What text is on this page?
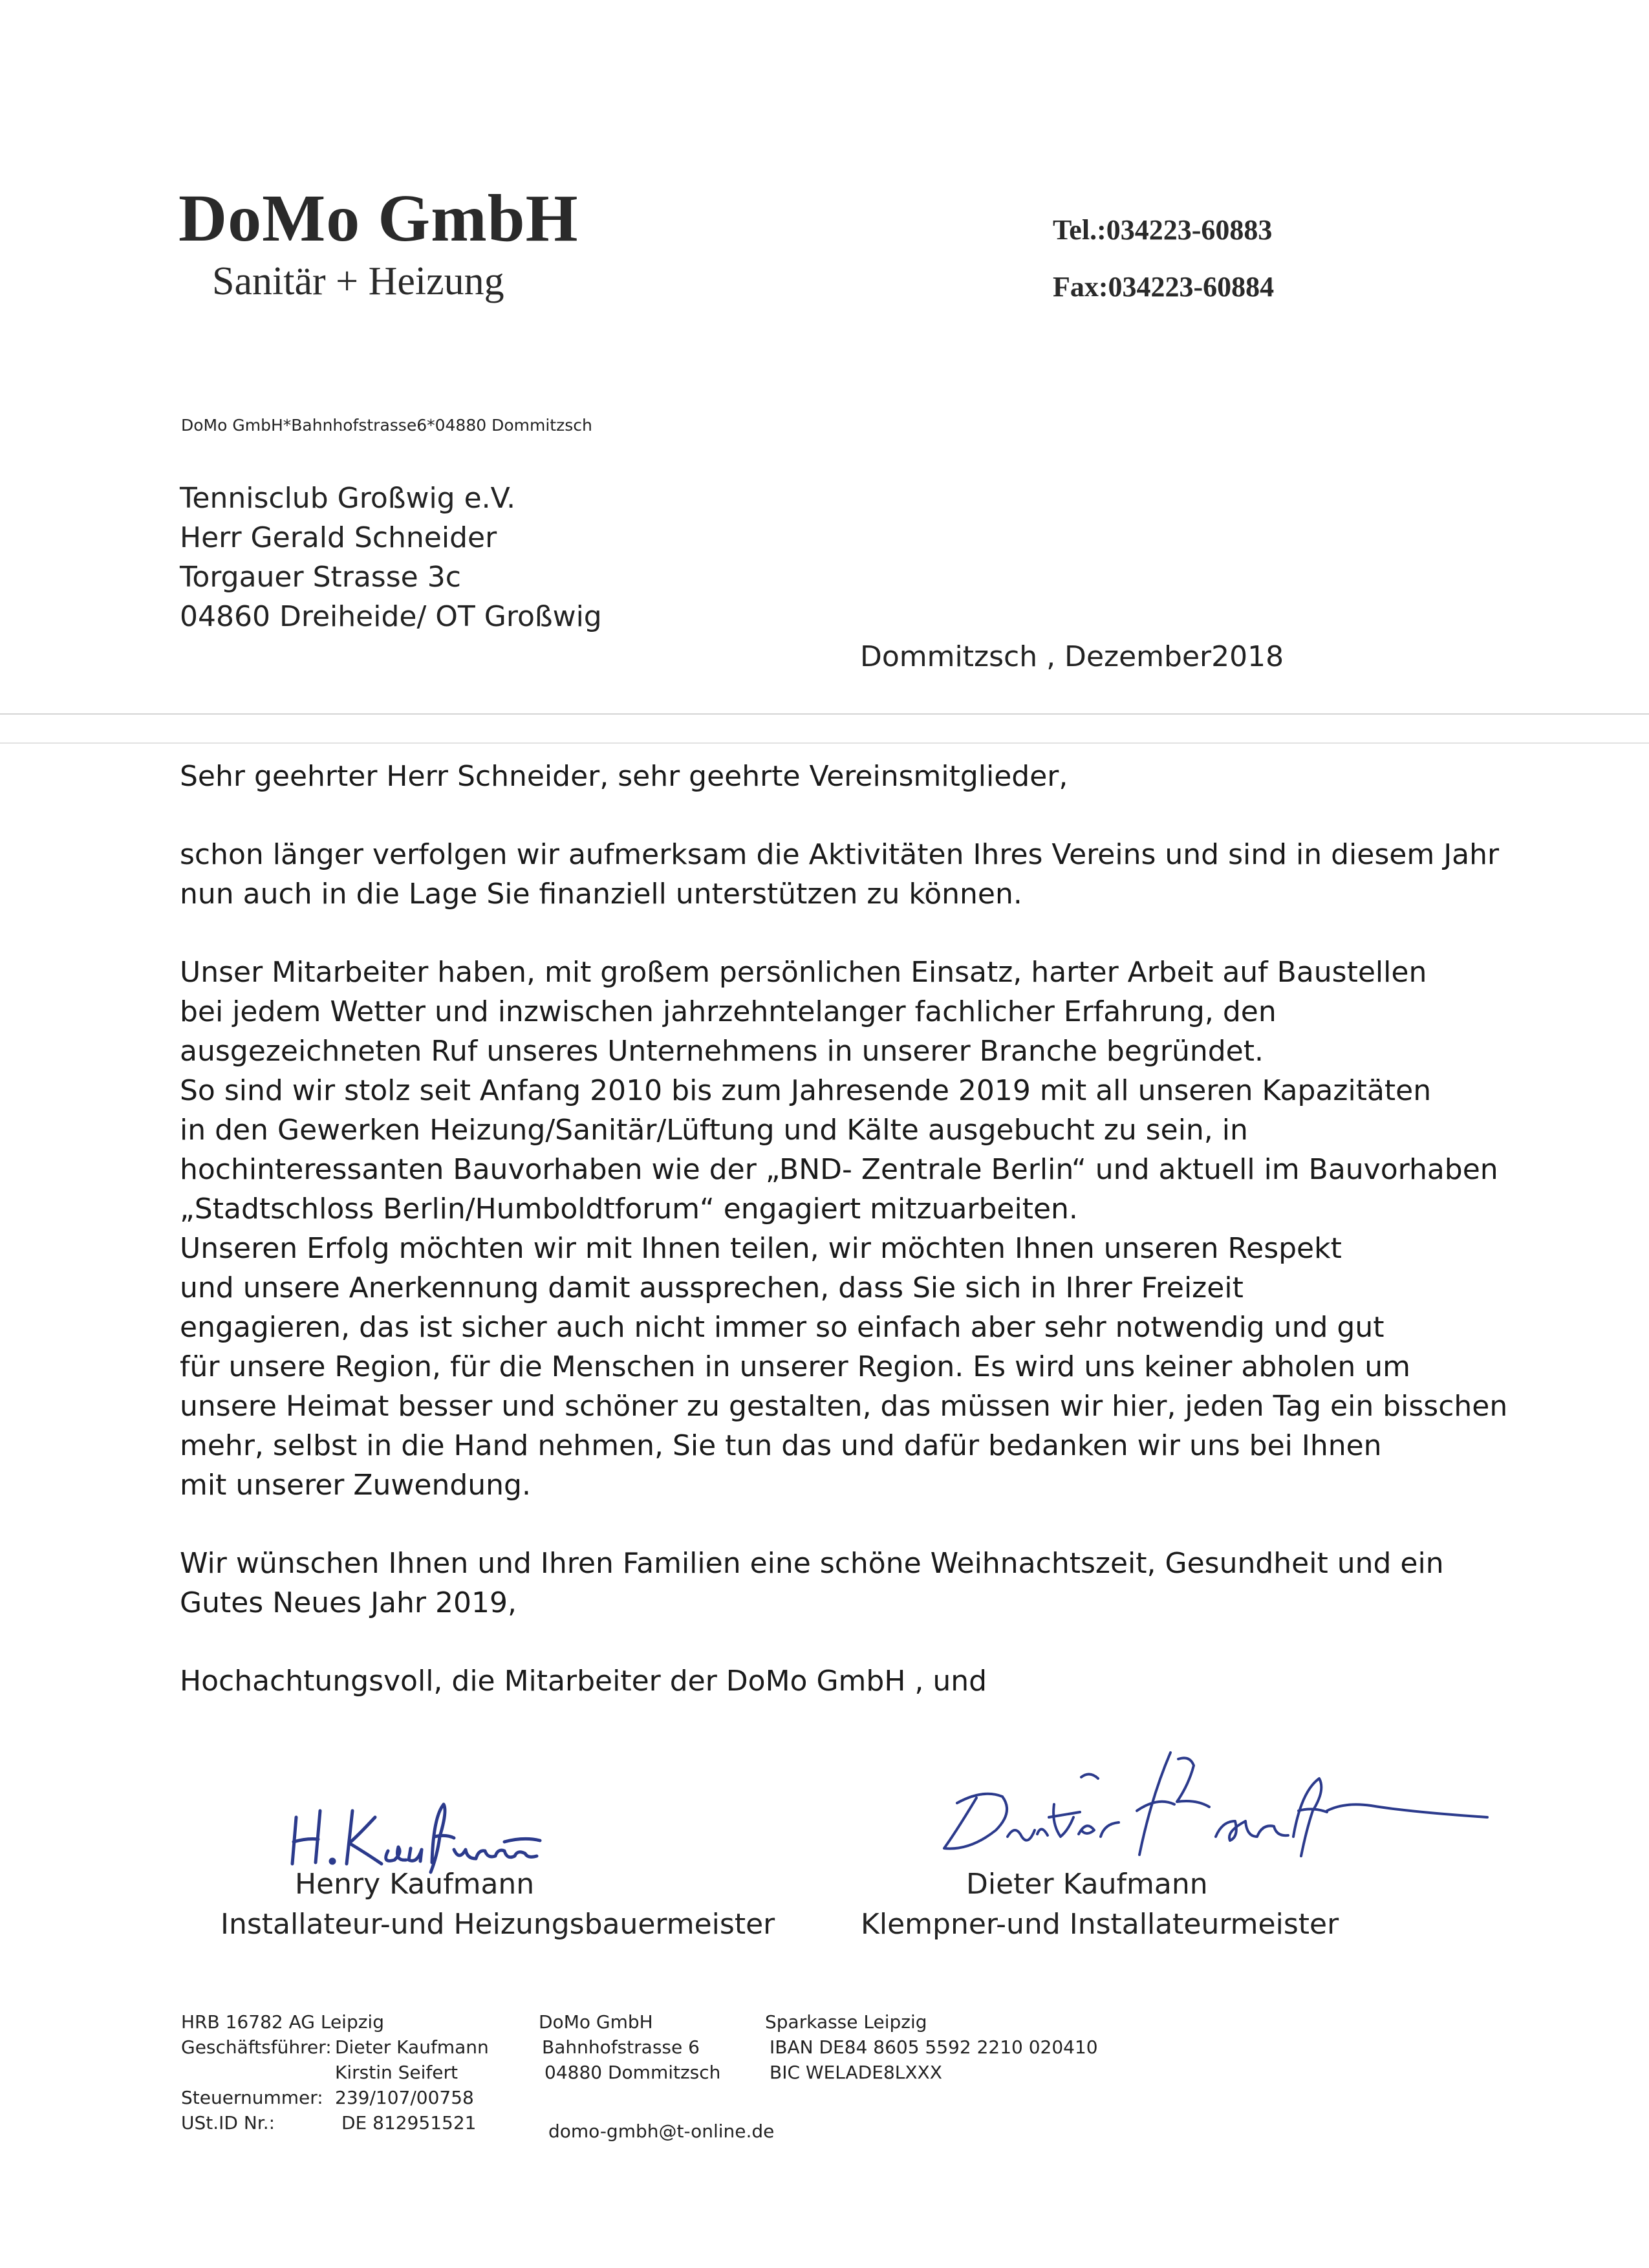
DoMo GmbH
Sanitär + Heizung
Tel.:034223-60883
Fax:034223-60884
DoMo GmbH*Bahnhofstrasse6*04880 Dommitzsch
Tennisclub Großwig e.V.
Herr Gerald Schneider
Torgauer Strasse 3c
04860 Dreiheide/ OT Großwig
Dommitzsch , Dezember2018
Sehr geehrter Herr Schneider, sehr geehrte Vereinsmitglieder,
schon länger verfolgen wir aufmerksam die Aktivitäten Ihres Vereins und sind in diesem Jahr
nun auch in die Lage Sie finanziell unterstützen zu können.
Unser Mitarbeiter haben, mit großem persönlichen Einsatz, harter Arbeit auf Baustellen
bei jedem Wetter und inzwischen jahrzehntelanger fachlicher Erfahrung, den
ausgezeichneten Ruf unseres Unternehmens in unserer Branche begründet.
So sind wir stolz seit Anfang 2010 bis zum Jahresende 2019 mit all unseren Kapazitäten
in den Gewerken Heizung/Sanitär/Lüftung und Kälte ausgebucht zu sein, in
hochinteressanten Bauvorhaben wie der „BND- Zentrale Berlin“ und aktuell im Bauvorhaben
„Stadtschloss Berlin/Humboldtforum“ engagiert mitzuarbeiten.
Unseren Erfolg möchten wir mit Ihnen teilen, wir möchten Ihnen unseren Respekt
und unsere Anerkennung damit aussprechen, dass Sie sich in Ihrer Freizeit
engagieren, das ist sicher auch nicht immer so einfach aber sehr notwendig und gut
für unsere Region, für die Menschen in unserer Region. Es wird uns keiner abholen um
unsere Heimat besser und schöner zu gestalten, das müssen wir hier, jeden Tag ein bisschen
mehr, selbst in die Hand nehmen, Sie tun das und dafür bedanken wir uns bei Ihnen
mit unserer Zuwendung.
Wir wünschen Ihnen und Ihren Familien eine schöne Weihnachtszeit, Gesundheit und ein
Gutes Neues Jahr 2019,
Hochachtungsvoll, die Mitarbeiter der DoMo GmbH , und
Henry Kaufmann
Installateur-und Heizungsbauermeister
Dieter Kaufmann
Klempner-und Installateurmeister
HRB 16782 AG Leipzig
Geschäftsführer: Dieter Kaufmann
Kirstin Seifert
Steuernummer: 239/107/00758
USt.ID Nr.:	DE 812951521
DoMo GmbH
Bahnhofstrasse 6
04880 Dommitzsch
domo-gmbh@t-online.de
Sparkasse Leipzig
IBAN DE84 8605 5592 2210 020410
BIC WELADE8LXXX
